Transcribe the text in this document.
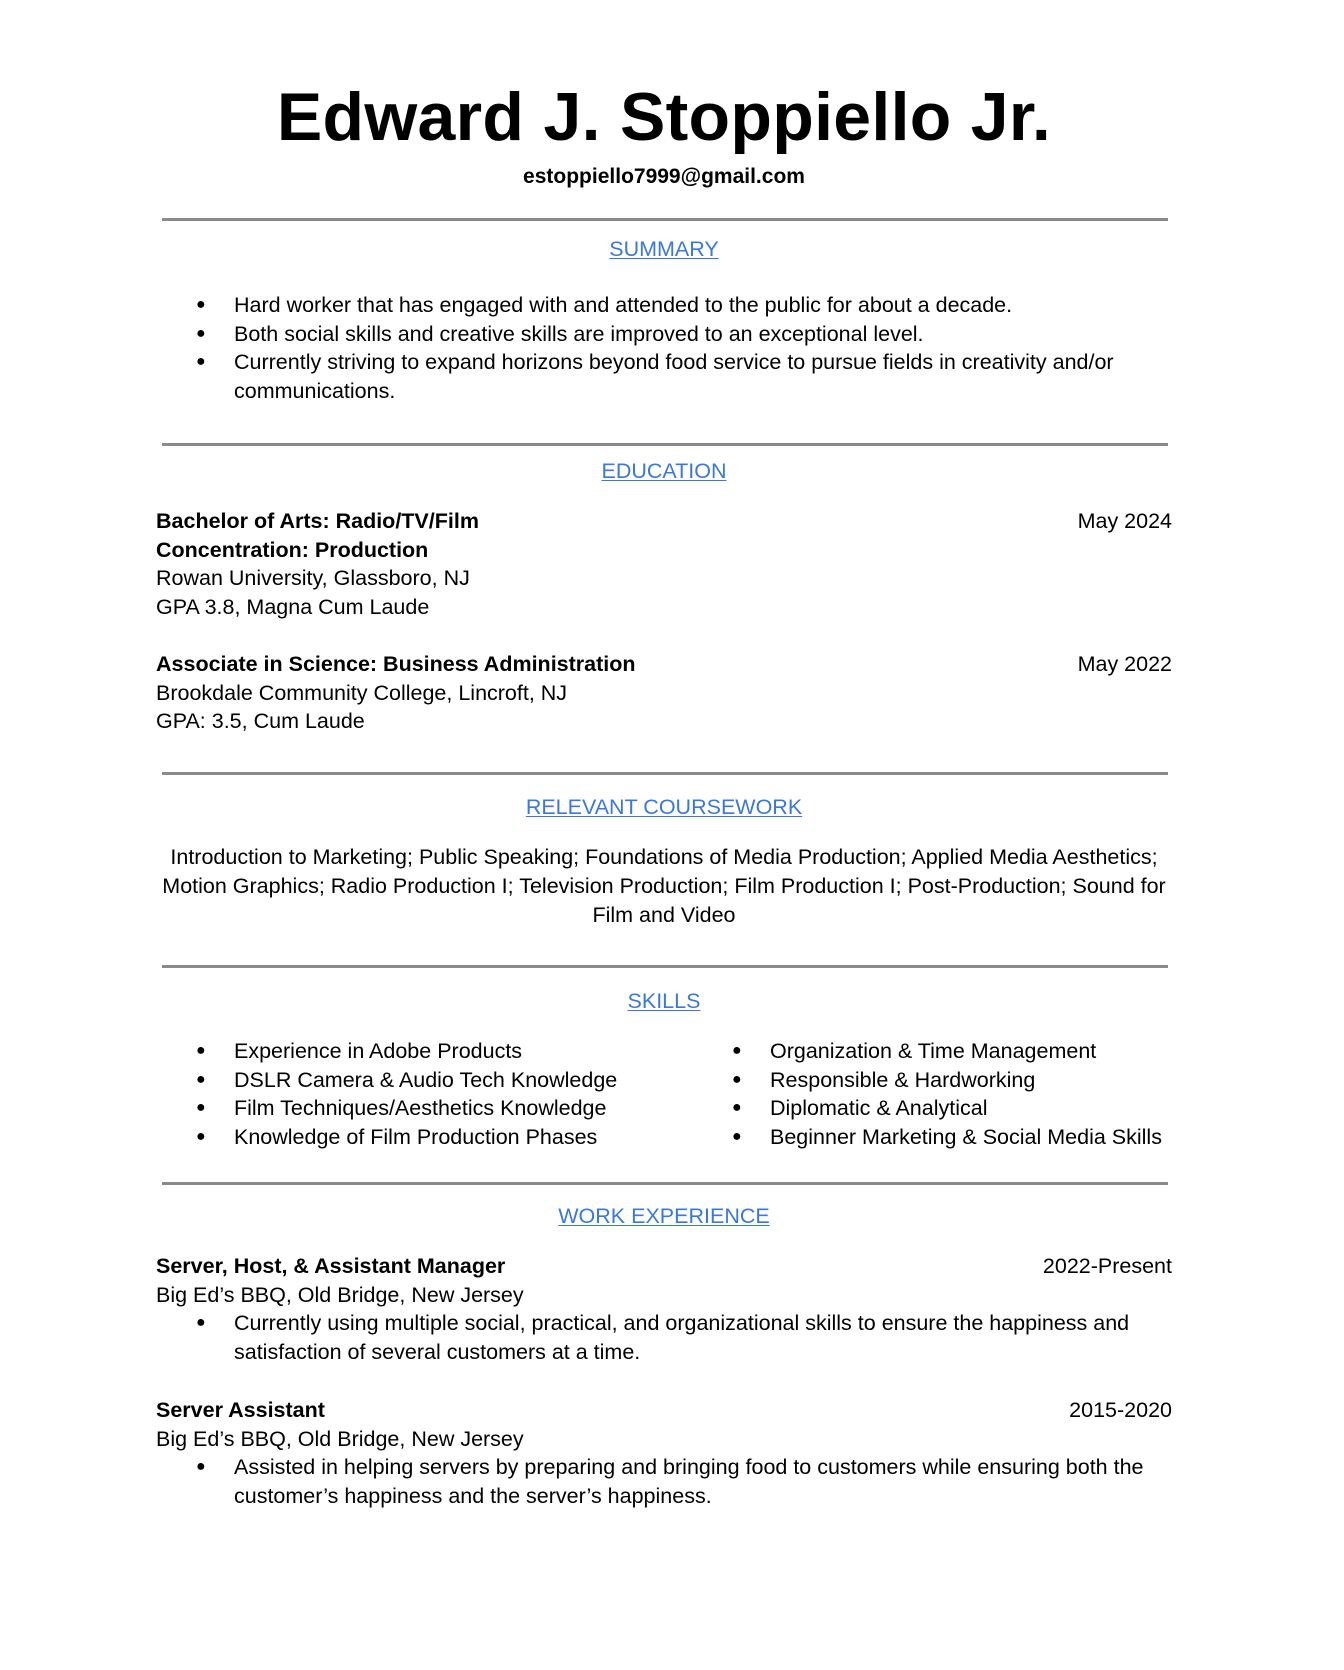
Edward J. Stoppiello Jr.
estoppiello7999@gmail.com
SUMMARY
● Hard worker that has engaged with and attended to the public for about a decade.
● Both social skills and creative skills are improved to an exceptional level.
● Currently striving to expand horizons beyond food service to pursue fields in creativity and/or communications.
EDUCATION
Bachelor of Arts: Radio/TV/Film	May 2024
Concentration: Production
Rowan University, Glassboro, NJ
GPA 3.8, Magna Cum Laude
Associate in Science: Business Administration	May 2022
Brookdale Community College, Lincroft, NJ
GPA: 3.5, Cum Laude
RELEVANT COURSEWORK
Introduction to Marketing; Public Speaking; Foundations of Media Production; Applied Media Aesthetics; Motion Graphics; Radio Production I; Television Production; Film Production I; Post-Production; Sound for Film and Video
SKILLS
● Experience in Adobe Products
● DSLR Camera & Audio Tech Knowledge
● Film Techniques/Aesthetics Knowledge
● Knowledge of Film Production Phases
● Organization & Time Management
● Responsible & Hardworking
● Diplomatic & Analytical
● Beginner Marketing & Social Media Skills
WORK EXPERIENCE
Server, Host, & Assistant Manager	2022-Present
Big Ed’s BBQ, Old Bridge, New Jersey
● Currently using multiple social, practical, and organizational skills to ensure the happiness and satisfaction of several customers at a time.
Server Assistant	2015-2020
Big Ed’s BBQ, Old Bridge, New Jersey
● Assisted in helping servers by preparing and bringing food to customers while ensuring both the customer’s happiness and the server’s happiness.
